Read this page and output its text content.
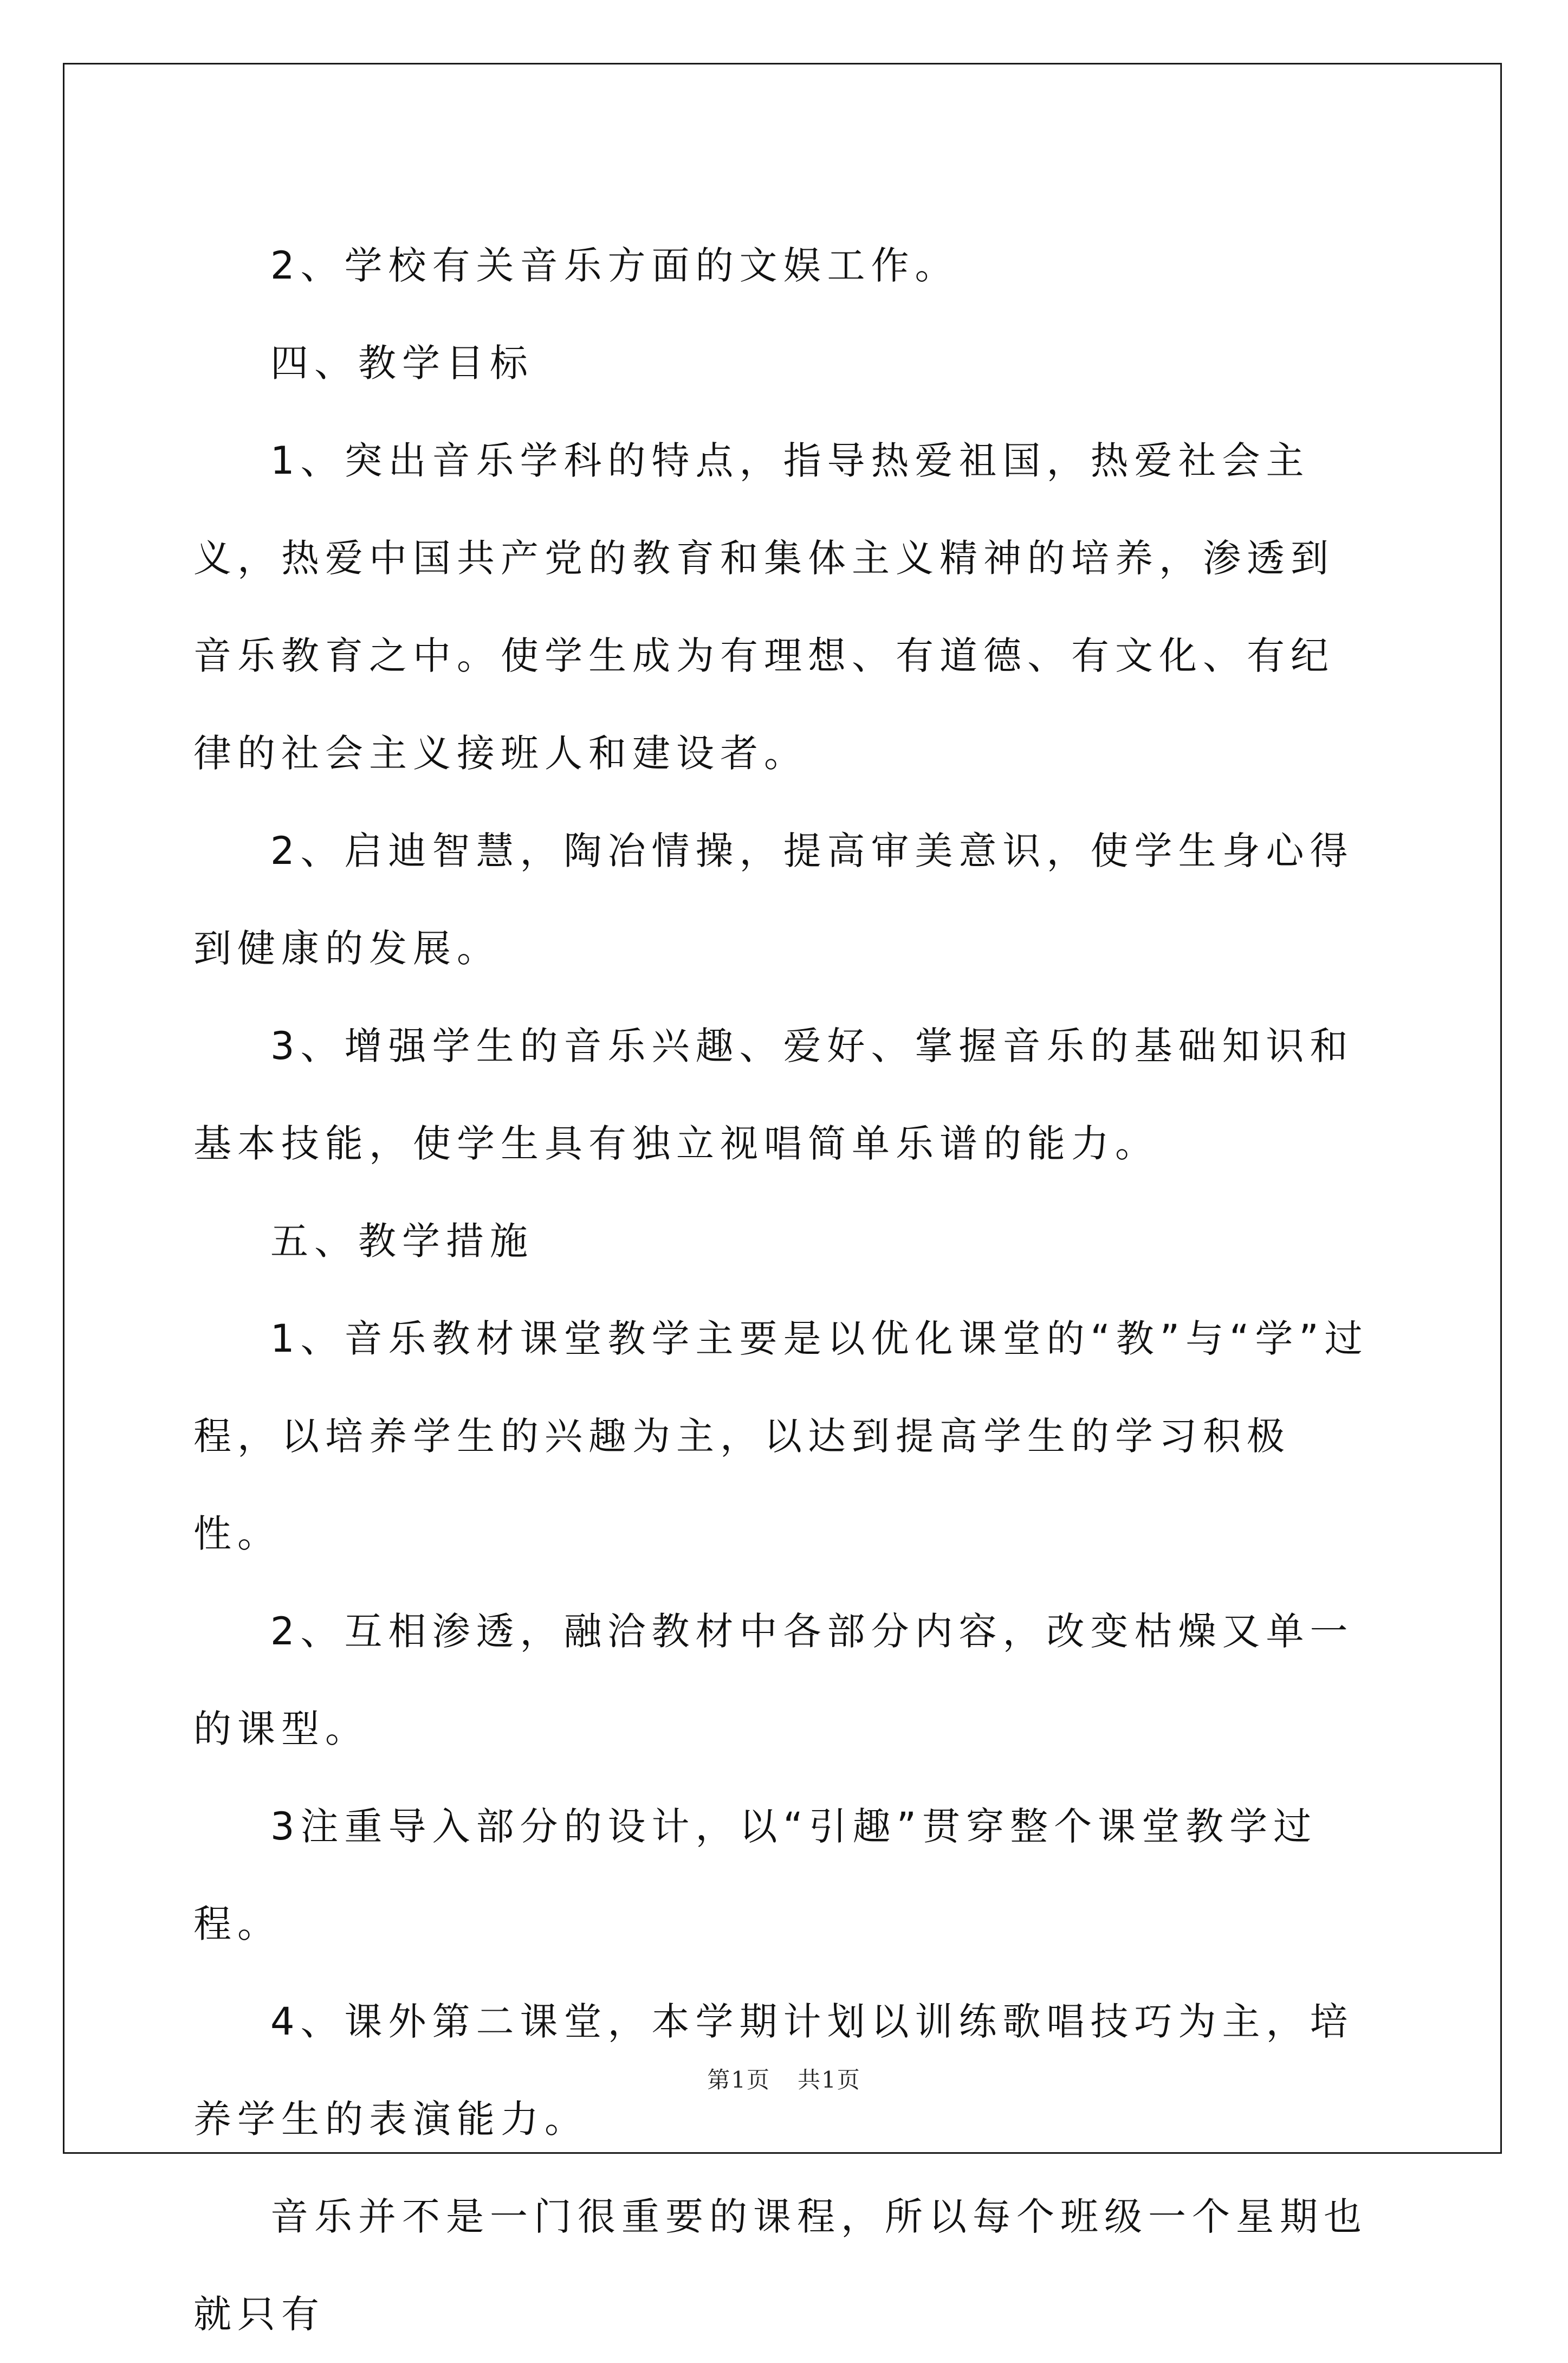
2、学校有关音乐方面的文娱工作。

四、教学目标

1、突出音乐学科的特点，指导热爱祖国，热爱社会主义，热爱中国共产党的教育和集体主义精神的培养，渗透到音乐教育之中。使学生成为有理想、有道德、有文化、有纪律的社会主义接班人和建设者。

2、启迪智慧，陶冶情操，提高审美意识，使学生身心得到健康的发展。

3、增强学生的音乐兴趣、爱好、掌握音乐的基础知识和基本技能，使学生具有独立视唱简单乐谱的能力。

五、教学措施

1、音乐教材课堂教学主要是以优化课堂的“教”与“学”过程，以培养学生的兴趣为主，以达到提高学生的学习积极性。

2、互相渗透，融洽教材中各部分内容，改变枯燥又单一的课型。

3注重导入部分的设计，以“引趣”贯穿整个课堂教学过程。

4、课外第二课堂，本学期计划以训练歌唱技巧为主，培养学生的表演能力。

音乐并不是一门很重要的课程，所以每个班级一个星期也就只有

第1页 共1页
